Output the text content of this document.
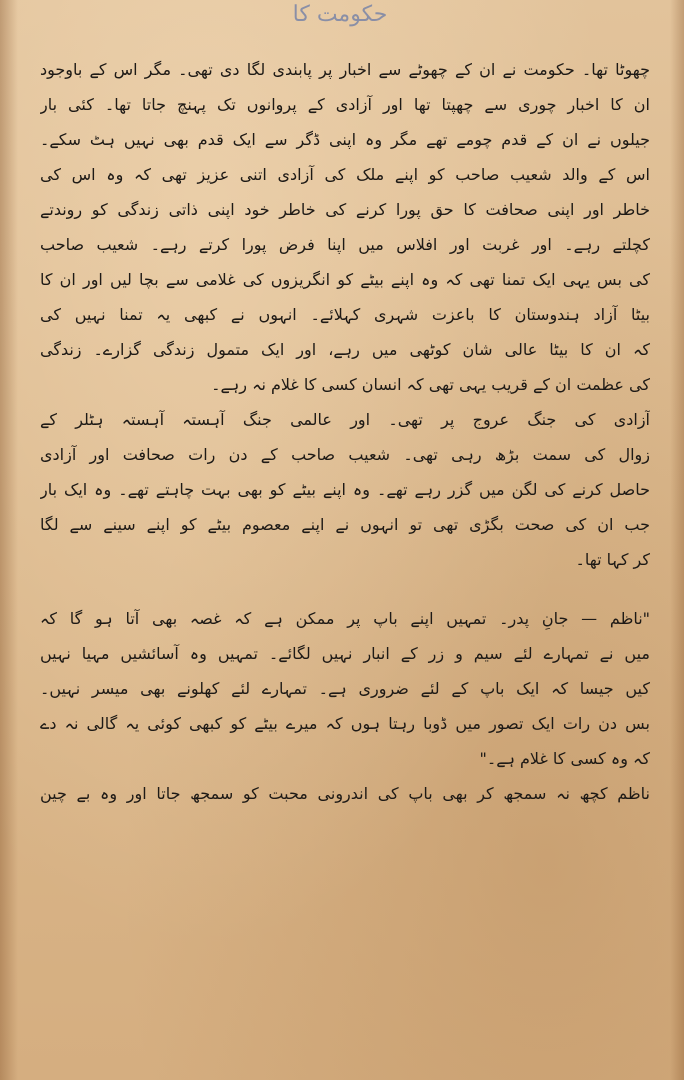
حکومت کا
چھوٹا تھا۔ حکومت نے ان کے چھوٹے سے اخبار پر پابندی لگا دی تھی۔ مگر اس کے باوجود
ان کا اخبار چوری سے چھپتا تھا اور آزادی کے پروانوں تک پہنچ جاتا تھا۔ کئی بار
جیلوں نے ان کے قدم چومے تھے مگر وہ اپنی ڈگر سے ایک قدم بھی نہیں ہٹ سکے۔
اس کے والد شعیب صاحب کو اپنے ملک کی آزادی اتنی عزیز تھی کہ وہ اس کی
خاطر اور اپنی صحافت کا حق پورا کرنے کی خاطر خود اپنی ذاتی زندگی کو روندتے
کچلتے رہے۔ اور غربت اور افلاس میں اپنا فرض پورا کرتے رہے۔ شعیب صاحب
کی بس یہی ایک تمنا تھی کہ وہ اپنے بیٹے کو انگریزوں کی غلامی سے بچا لیں اور ان کا
بیٹا آزاد ہندوستان کا باعزت شہری کہلائے۔ انہوں نے کبھی یہ تمنا نہیں کی
کہ ان کا بیٹا عالی شان کوٹھی میں رہے، اور ایک متمول زندگی گزارے۔ زندگی
کی عظمت ان کے قریب یہی تھی کہ انسان کسی کا غلام نہ رہے۔
آزادی کی جنگ عروج پر تھی۔ اور عالمی جنگ آہستہ آہستہ ہٹلر کے
زوال کی سمت بڑھ رہی تھی۔ شعیب صاحب کے دن رات صحافت اور آزادی
حاصل کرنے کی لگن میں گزر رہے تھے۔ وہ اپنے بیٹے کو بھی بہت چاہتے تھے۔ وہ ایک بار
جب ان کی صحت بگڑی تھی تو انہوں نے اپنے معصوم بیٹے کو اپنے سینے سے لگا
کر کہا تھا۔
"ناظم — جانِ پدر۔ تمہیں اپنے باپ پر ممکن ہے کہ غصہ بھی آتا ہو گا کہ
میں نے تمہارے لئے سیم و زر کے انبار نہیں لگائے۔ تمہیں وہ آسائشیں مہیا نہیں
کیں جیسا کہ ایک باپ کے لئے ضروری ہے۔ تمہارے لئے کھلونے بھی میسر نہیں۔
بس دن رات ایک تصور میں ڈوبا رہتا ہوں کہ میرے بیٹے کو کبھی کوئی یہ گالی نہ دے
کہ وہ کسی کا غلام ہے۔"
ناظم کچھ نہ سمجھ کر بھی باپ کی اندرونی محبت کو سمجھ جاتا اور وہ بے چین
